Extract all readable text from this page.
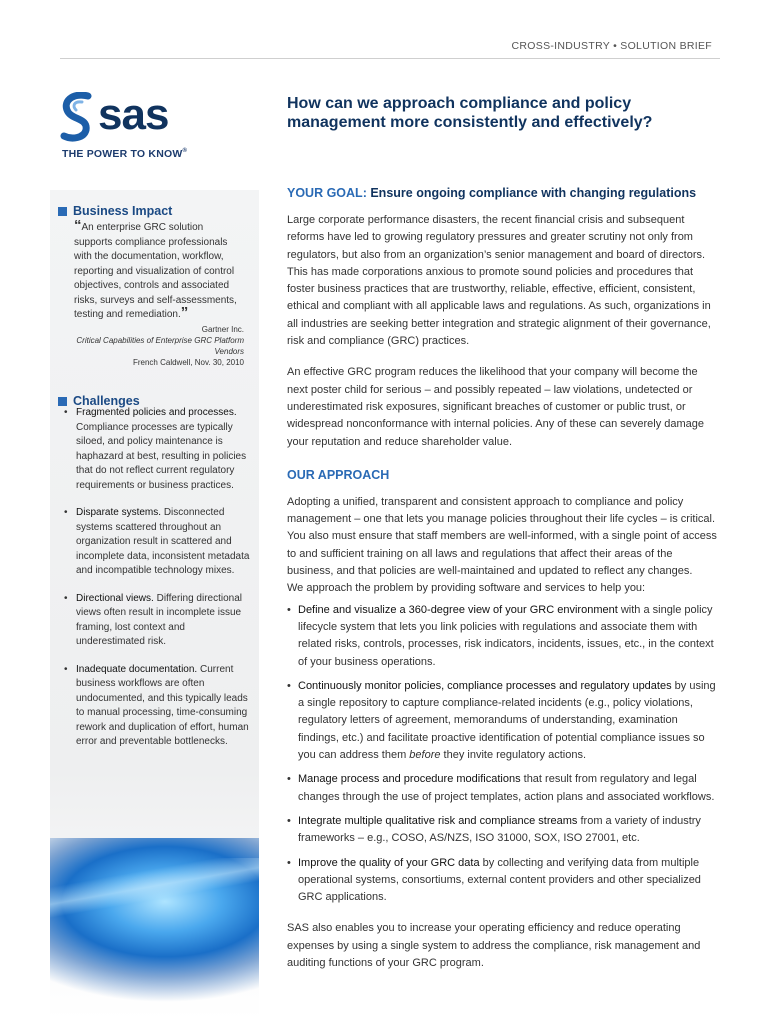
CROSS-INDUSTRY • SOLUTION BRIEF
sas
THE POWER TO KNOW®
How can we approach compliance and policy management more consistently and effectively?
Business Impact
“An enterprise GRC solution supports compliance professionals with the documentation, workflow, reporting and visualization of control objectives, controls and associated risks, surveys and self-assessments, testing and remediation.”
Gartner Inc.
Critical Capabilities of Enterprise GRC Platform Vendors
French Caldwell, Nov. 30, 2010
Challenges
• Fragmented policies and processes. Compliance processes are typically siloed, and policy maintenance is haphazard at best, resulting in policies that do not reflect current regulatory requirements or business practices.
• Disparate systems. Disconnected systems scattered throughout an organization result in scattered and incomplete data, inconsistent metadata and incompatible technology mixes.
• Directional views. Differing directional views often result in incomplete issue framing, lost context and underestimated risk.
• Inadequate documentation. Current business workflows are often undocumented, and this typically leads to manual processing, time-consuming rework and duplication of effort, human error and preventable bottlenecks.
YOUR GOAL: Ensure ongoing compliance with changing regulations

Large corporate performance disasters, the recent financial crisis and subsequent reforms have led to growing regulatory pressures and greater scrutiny not only from regulators, but also from an organization’s senior management and board of directors. This has made corporations anxious to promote sound policies and procedures that foster business practices that are trustworthy, reliable, effective, efficient, consistent, ethical and compliant with all applicable laws and regulations. As such, organizations in all industries are seeking better integration and strategic alignment of their governance, risk and compliance (GRC) practices.

An effective GRC program reduces the likelihood that your company will become the next poster child for serious – and possibly repeated – law violations, undetected or underestimated risk exposures, significant breaches of customer or public trust, or widespread nonconformance with internal policies. Any of these can severely damage your reputation and reduce shareholder value.

OUR APPROACH

Adopting a unified, transparent and consistent approach to compliance and policy management – one that lets you manage policies throughout their life cycles – is critical. You also must ensure that staff members are well-informed, with a single point of access to and sufficient training on all laws and regulations that affect their areas of the business, and that policies are well-maintained and updated to reflect any changes.

We approach the problem by providing software and services to help you:

• Define and visualize a 360-degree view of your GRC environment with a single policy lifecycle system that lets you link policies with regulations and associate them with related risks, controls, processes, risk indicators, incidents, issues, etc., in the context of your business operations.
• Continuously monitor policies, compliance processes and regulatory updates by using a single repository to capture compliance-related incidents (e.g., policy violations, regulatory letters of agreement, memorandums of understanding, examination findings, etc.) and facilitate proactive identification of potential compliance issues so you can address them before they invite regulatory actions.
• Manage process and procedure modifications that result from regulatory and legal changes through the use of project templates, action plans and associated workflows.
• Integrate multiple qualitative risk and compliance streams from a variety of industry frameworks – e.g., COSO, AS/NZS, ISO 31000, SOX, ISO 27001, etc.
• Improve the quality of your GRC data by collecting and verifying data from multiple operational systems, consortiums, external content providers and other specialized GRC applications.

SAS also enables you to increase your operating efficiency and reduce operating expenses by using a single system to address the compliance, risk management and auditing functions of your GRC program.
